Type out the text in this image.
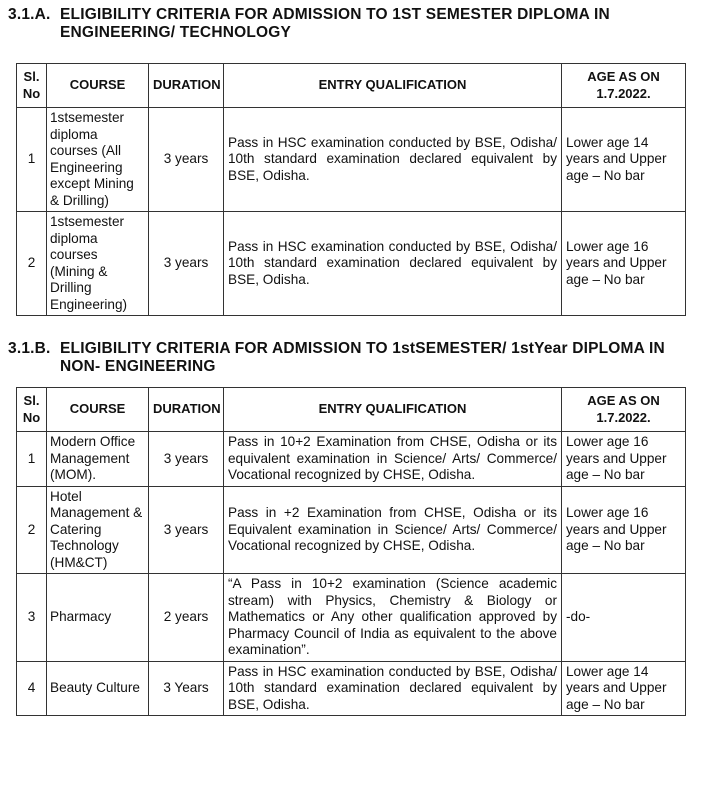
3.1.A. ELIGIBILITY CRITERIA FOR ADMISSION TO 1ST SEMESTER DIPLOMA IN
ENGINEERING/ TECHNOLOGY
Sl. No	COURSE	DURATION	ENTRY QUALIFICATION	AGE AS ON 1.7.2022.
1	1stsemester diploma courses (All Engineering except Mining & Drilling)	3 years	Pass in HSC examination conducted by BSE, Odisha/ 10th standard examination declared equivalent by BSE, Odisha.	Lower age 14 years and Upper age – No bar
2	1stsemester diploma courses (Mining & Drilling Engineering)	3 years	Pass in HSC examination conducted by BSE, Odisha/ 10th standard examination declared equivalent by BSE, Odisha.	Lower age 16 years and Upper age – No bar
3.1.B. ELIGIBILITY CRITERIA FOR ADMISSION TO 1stSEMESTER/ 1stYear DIPLOMA IN
NON- ENGINEERING
Sl. No	COURSE	DURATION	ENTRY QUALIFICATION	AGE AS ON 1.7.2022.
1	Modern Office Management (MOM).	3 years	Pass in 10+2 Examination from CHSE, Odisha or its equivalent examination in Science/ Arts/ Commerce/ Vocational recognized by CHSE, Odisha.	Lower age 16 years and Upper age – No bar
2	Hotel Management & Catering Technology (HM&CT)	3 years	Pass in +2 Examination from CHSE, Odisha or its Equivalent examination in Science/ Arts/ Commerce/ Vocational recognized by CHSE, Odisha.	Lower age 16 years and Upper age – No bar
3	Pharmacy	2 years	“A Pass in 10+2 examination (Science academic stream) with Physics, Chemistry & Biology or Mathematics or Any other qualification approved by Pharmacy Council of India as equivalent to the above examination”.	-do-
4	Beauty Culture	3 Years	Pass in HSC examination conducted by BSE, Odisha/ 10th standard examination declared equivalent by BSE, Odisha.	Lower age 14 years and Upper age – No bar
